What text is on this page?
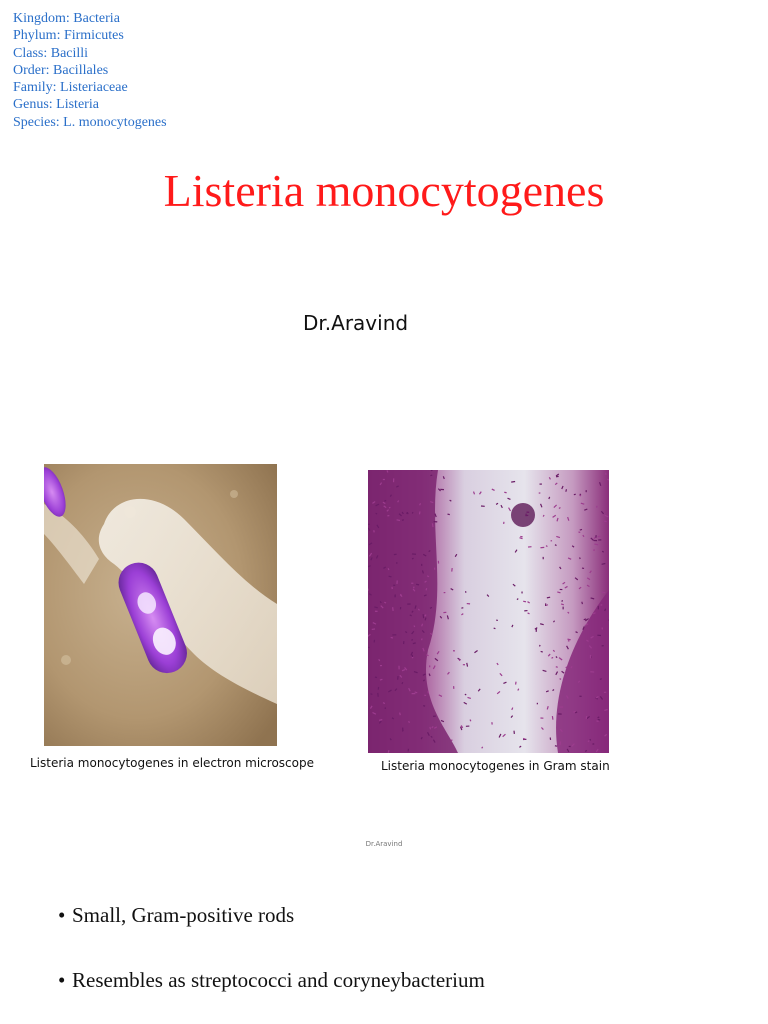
Kingdom: Bacteria
Phylum: Firmicutes
Class: Bacilli
Order: Bacillales
Family: Listeriaceae
Genus: Listeria
Species: L. monocytogenes
Listeria monocytogenes
Dr.Aravind
Listeria monocytogenes in electron microscope	Listeria monocytogenes in Gram stain
Dr.Aravind
• Small, Gram-positive rods
• Resembles as streptococci and coryneybacterium
